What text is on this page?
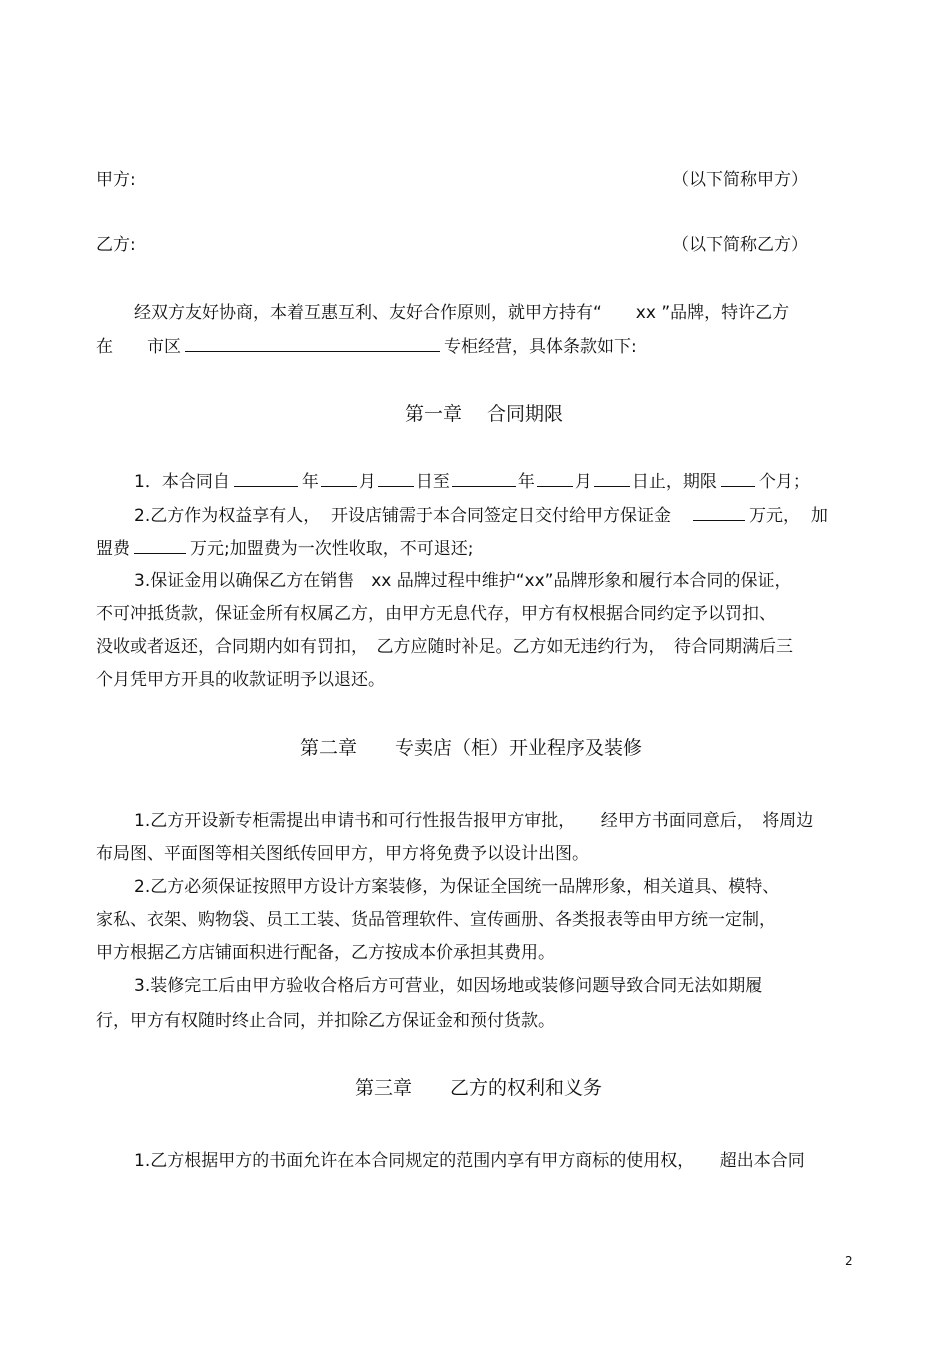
甲方:	（以下简称甲方）
乙方:	（以下简称乙方）
经双方友好协商，本着互惠互利、友好合作原则，就甲方持有“　　xx ”品牌，特许乙方
在　　市区	专柜经营，具体条款如下:
第一章　 合同期限
1．本合同自	年 月 日至	年 月 日止，期限 个月；
2.乙方作为权益享有人，  开设店铺需于本合同签定日交付给甲方保证金	万元，  加
盟费	万元;加盟费为一次性收取，不可退还;
3.保证金用以确保乙方在销售　xx 品牌过程中维护“xx”品牌形象和履行本合同的保证，
不可冲抵货款，保证金所有权属乙方，由甲方无息代存，甲方有权根据合同约定予以罚扣、
没收或者返还，合同期内如有罚扣，　乙方应随时补足。乙方如无违约行为，　待合同期满后三
个月凭甲方开具的收款证明予以退还。
第二章　　专卖店（柜）开业程序及装修
1.乙方开设新专柜需提出申请书和可行性报告报甲方审批，　　经甲方书面同意后，　将周边
布局图、平面图等相关图纸传回甲方，甲方将免费予以设计出图。
2.乙方必须保证按照甲方设计方案装修，为保证全国统一品牌形象，相关道具、模特、
家私、衣架、购物袋、员工工装、货品管理软件、宣传画册、各类报表等由甲方统一定制，
甲方根据乙方店铺面积进行配备，乙方按成本价承担其费用。
3.装修完工后由甲方验收合格后方可营业，如因场地或装修问题导致合同无法如期履
行，甲方有权随时终止合同，并扣除乙方保证金和预付货款。
第三章　　乙方的权利和义务
1.乙方根据甲方的书面允许在本合同规定的范围内享有甲方商标的使用权，　　超出本合同
2
